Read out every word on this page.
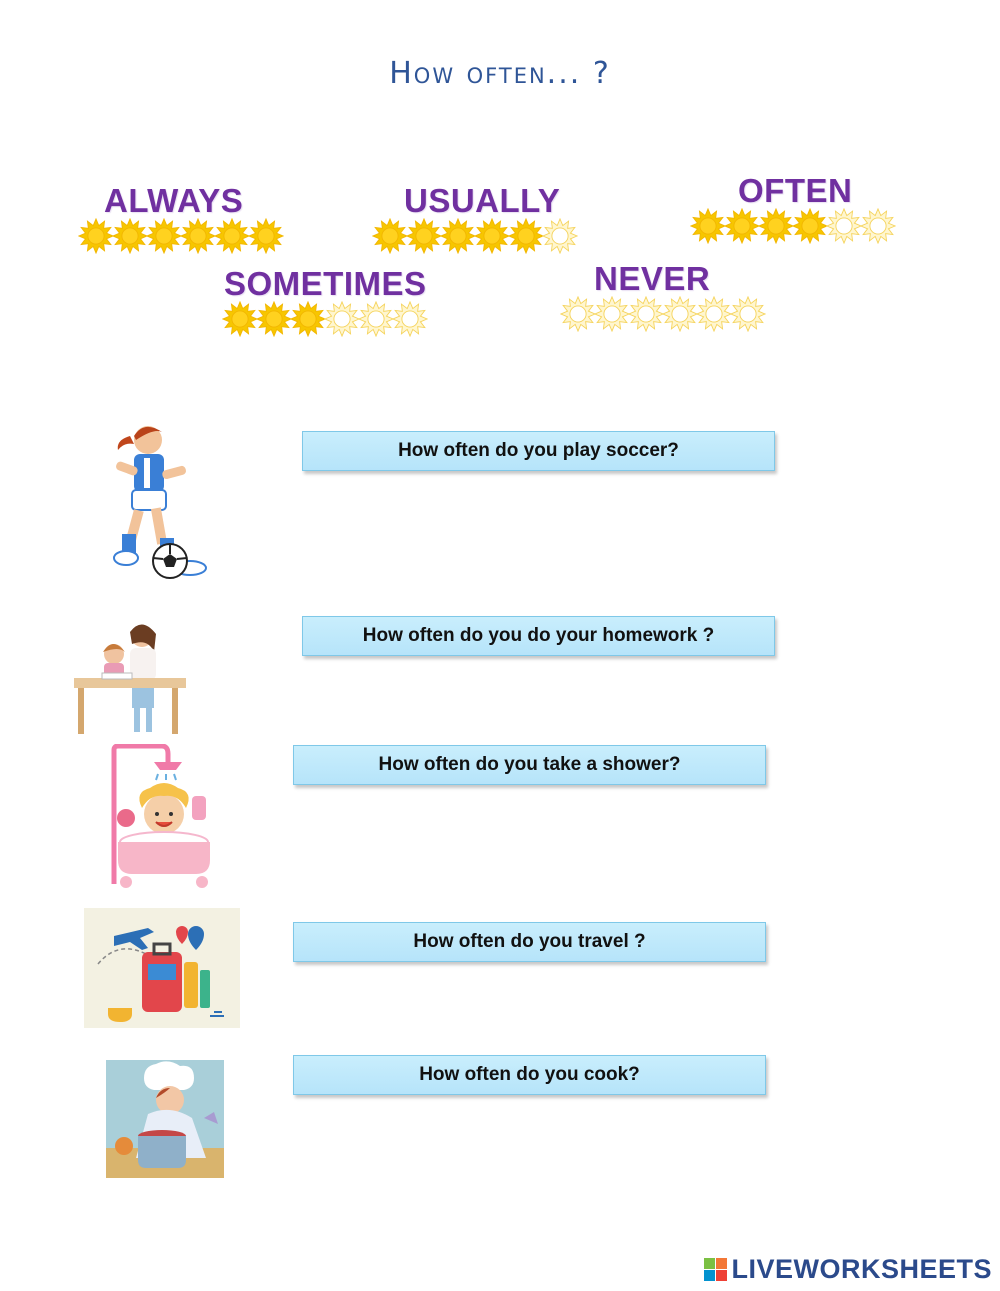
How often... ?
ALWAYS	USUALLY	OFTEN
SOMETIMES	NEVER
How often do you play soccer?
How often do you do your homework ?
How often do you take a shower?
How often do you travel ?
How often do you cook?
LIVEWORKSHEETS
